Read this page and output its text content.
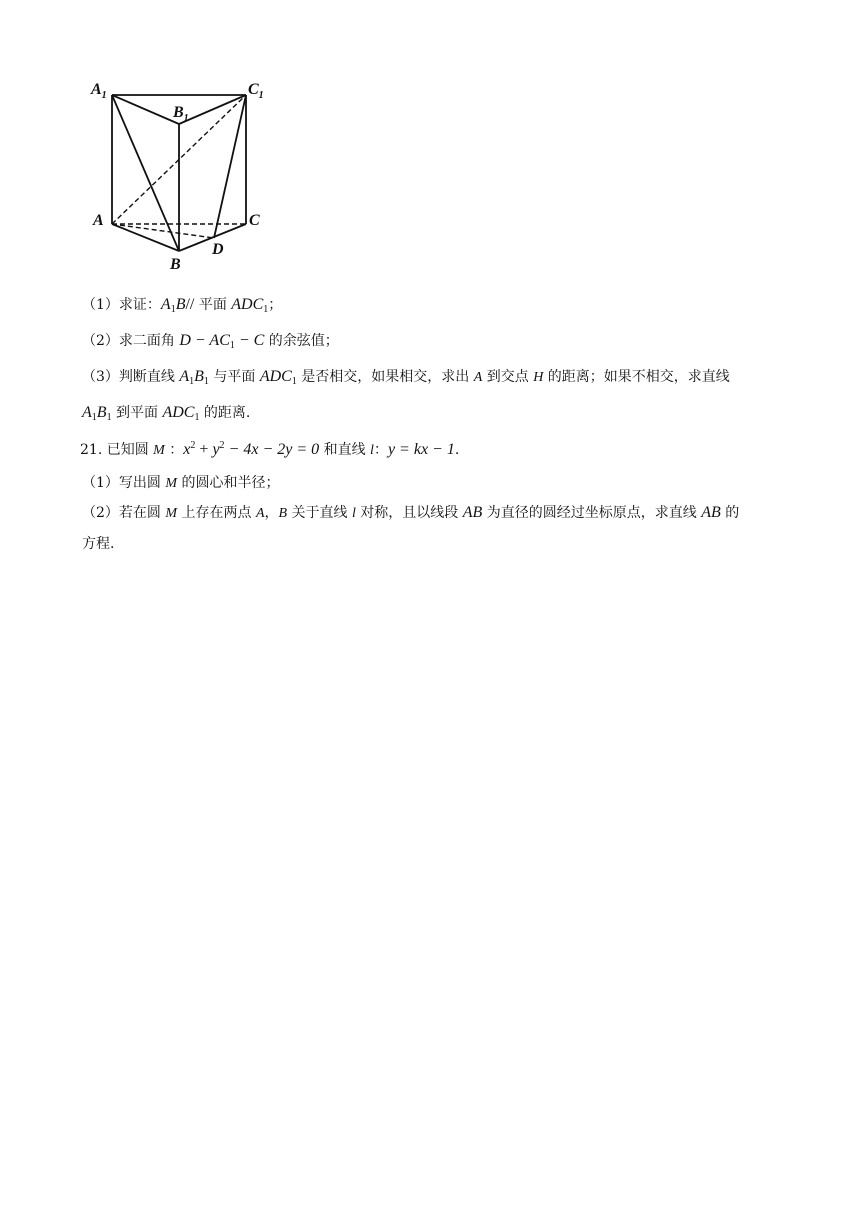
$A_1$
$B_1$
$C_1$
A	C
D
B
（1）求证：$A_1B//$ 平面 $ADC_1$；
（2）求二面角 $D - AC_1 - C$ 的余弦值；
（3）判断直线 $A_1B_1$ 与平面 $ADC_1$ 是否相交，如果相交，求出 A 到交点 H 的距离；如果不相交，求直线
$A_1B_1$ 到平面 $ADC_1$ 的距离.
21. 已知圆 M ：$x^2 + y^2 - 4x - 2y = 0$ 和直线 l：y = kx − 1.
（1）写出圆 M 的圆心和半径；
（2）若在圆 M 上存在两点 A，B 关于直线 l 对称，且以线段 AB 为直径的圆经过坐标原点，求直线 AB 的
方程.
